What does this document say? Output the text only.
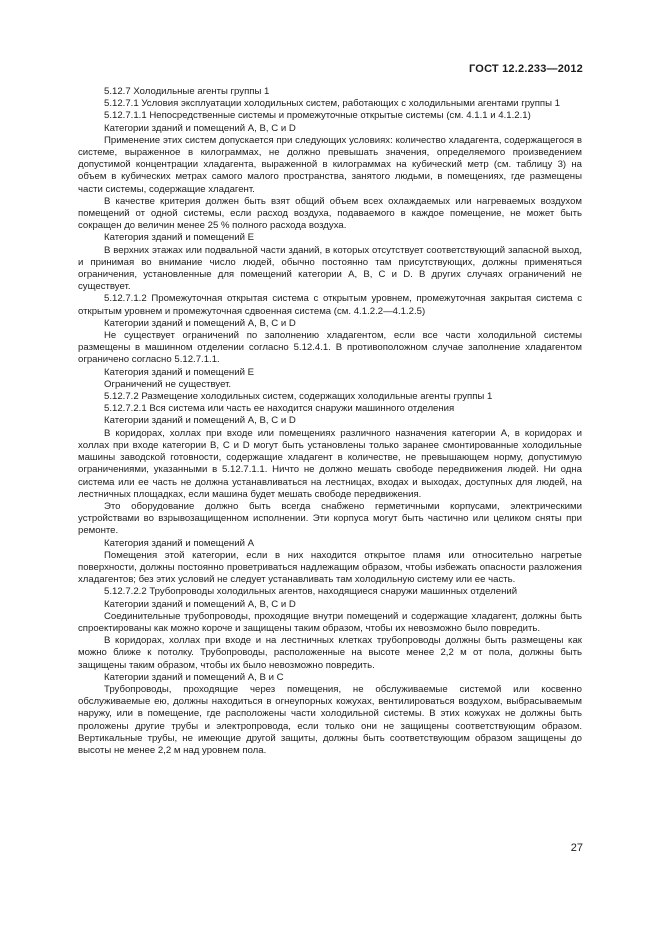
ГОСТ 12.2.233—2012

5.12.7 Холодильные агенты группы 1

5.12.7.1 Условия эксплуатации холодильных систем, работающих с холодильными агентами группы 1

5.12.7.1.1 Непосредственные системы и промежуточные открытые системы (см. 4.1.1 и 4.1.2.1)

Категории зданий и помещений А, В, С и D

Применение этих систем допускается при следующих условиях: количество хладагента, содержащегося в системе, выраженное в килограммах, не должно превышать значения, определяемого произведением допустимой концентрации хладагента, выраженной в килограммах на кубический метр (см. таблицу 3) на объем в кубических метрах самого малого пространства, занятого людьми, в помещениях, где размещены части системы, содержащие хладагент.

В качестве критерия должен быть взят общий объем всех охлаждаемых или нагреваемых воздухом помещений от одной системы, если расход воздуха, подаваемого в каждое помещение, не может быть сокращен до величин менее 25 % полного расхода воздуха.

Категория зданий и помещений Е

В верхних этажах или подвальной части зданий, в которых отсутствует соответствующий запасной выход, и принимая во внимание число людей, обычно постоянно там присутствующих, должны применяться ограничения, установленные для помещений категории А, В, С и D. В других случаях ограничений не существует.

5.12.7.1.2 Промежуточная открытая система с открытым уровнем, промежуточная закрытая система с открытым уровнем и промежуточная сдвоенная система (см. 4.1.2.2—4.1.2.5)

Категории зданий и помещений А, В, С и D

Не существует ограничений по заполнению хладагентом, если все части холодильной системы размещены в машинном отделении согласно 5.12.4.1. В противоположном случае заполнение хладагентом ограничено согласно 5.12.7.1.1.

Категория зданий и помещений Е

Ограничений не существует.

5.12.7.2 Размещение холодильных систем, содержащих холодильные агенты группы 1

5.12.7.2.1 Вся система или часть ее находится снаружи машинного отделения

Категории зданий и помещений А, В, С и D

В коридорах, холлах при входе или помещениях различного назначения категории А, в коридорах и холлах при входе категории В, С и D могут быть установлены только заранее смонтированные холодильные машины заводской готовности, содержащие хладагент в количестве, не превышающем норму, допустимую ограничениями, указанными в 5.12.7.1.1. Ничто не должно мешать свободе передвижения людей. Ни одна система или ее часть не должна устанавливаться на лестницах, входах и выходах, доступных для людей, на лестничных площадках, если машина будет мешать свободе передвижения.

Это оборудование должно быть всегда снабжено герметичными корпусами, электрическими устройствами во взрывозащищенном исполнении. Эти корпуса могут быть частично или целиком сняты при ремонте.

Категория зданий и помещений А

Помещения этой категории, если в них находится открытое пламя или относительно нагретые поверхности, должны постоянно проветриваться надлежащим образом, чтобы избежать опасности разложения хладагентов; без этих условий не следует устанавливать там холодильную систему или ее часть.

5.12.7.2.2 Трубопроводы холодильных агентов, находящиеся снаружи машинных отделений

Категории зданий и помещений А, В, С и D

Соединительные трубопроводы, проходящие внутри помещений и содержащие хладагент, должны быть спроектированы как можно короче и защищены таким образом, чтобы их невозможно было повредить.

В коридорах, холлах при входе и на лестничных клетках трубопроводы должны быть размещены как можно ближе к потолку. Трубопроводы, расположенные на высоте менее 2,2 м от пола, должны быть защищены таким образом, чтобы их было невозможно повредить.

Категории зданий и помещений А, В и С

Трубопроводы, проходящие через помещения, не обслуживаемые системой или косвенно обслуживаемые ею, должны находиться в огнеупорных кожухах, вентилироваться воздухом, выбрасываемым наружу, или в помещение, где расположены части холодильной системы. В этих кожухах не должны быть проложены другие трубы и электропровода, если только они не защищены соответствующим образом. Вертикальные трубы, не имеющие другой защиты, должны быть соответствующим образом защищены до высоты не менее 2,2 м над уровнем пола.

27
